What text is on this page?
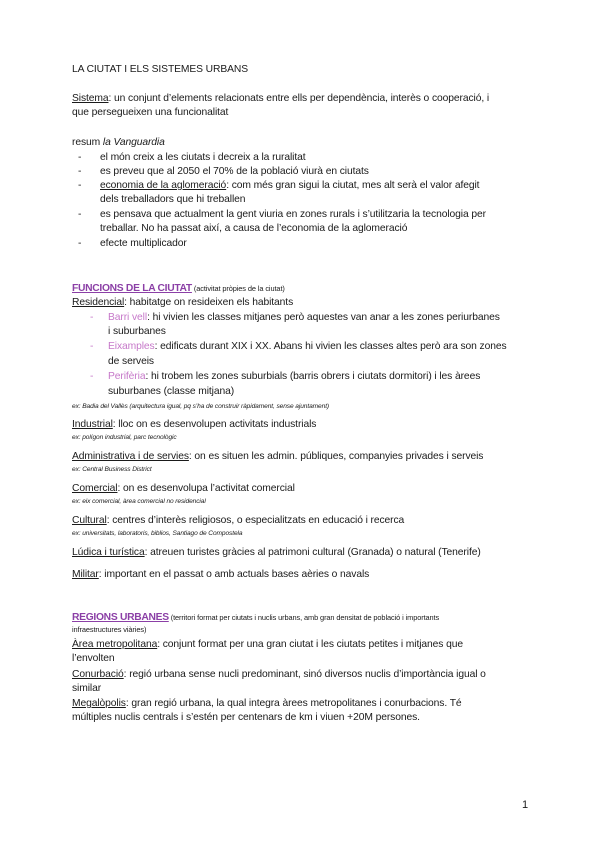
LA CIUTAT I ELS SISTEMES URBANS
Sistema: un conjunt d’elements relacionats entre ells per dependència, interès o cooperació, i
que persegueixen una funcionalitat
resum la Vanguardia
- el món creix a les ciutats i decreix a la ruralitat
- es preveu que al 2050 el 70% de la població viurà en ciutats
- economia de la aglomeració: com més gran sigui la ciutat, mes alt serà el valor afegit
dels treballadors que hi treballen
- es pensava que actualment la gent viuria en zones rurals i s’utilitzaria la tecnologia per
treballar. No ha passat així, a causa de l’economia de la aglomeració
- efecte multiplicador
FUNCIONS DE LA CIUTAT (activitat pròpies de la ciutat)
Residencial: habitatge on resideixen els habitants
- Barri vell: hi vivien les classes mitjanes però aquestes van anar a les zones periurbanes
i suburbanes
- Eixamples: edificats durant XIX i XX. Abans hi vivien les classes altes però ara son zones
de serveis
- Perifèria: hi trobem les zones suburbials (barris obrers i ciutats dormitori) i les àrees
suburbanes (classe mitjana)
ex: Badia del Vallès (arquitectura igual, pq s’ha de construir ràpidament, sense ajuntament)
Industrial: lloc on es desenvolupen activitats industrials
ex: polígon industrial, parc tecnològic
Administrativa i de servies: on es situen les admin. públiques, companyies privades i serveis
ex: Central Business District
Comercial: on es desenvolupa l’activitat comercial
ex: eix comercial, àrea comercial no residencial
Cultural: centres d’interès religiosos, o especialitzats en educació i recerca
ex: universitats, laboratoris, biblios, Santiago de Compostela
Lúdica i turística: atreuen turistes gràcies al patrimoni cultural (Granada) o natural (Tenerife)
Militar: important en el passat o amb actuals bases aèries o navals
REGIONS URBANES (territori format per ciutats i nuclis urbans, amb gran densitat de població i importants
infraestructures viàries)
Àrea metropolitana: conjunt format per una gran ciutat i les ciutats petites i mitjanes que
l’envolten
Conurbació: regió urbana sense nucli predominant, sinó diversos nuclis d’importància igual o
similar
Megalòpolis: gran regió urbana, la qual integra àrees metropolitanes i conurbacions. Té
múltiples nuclis centrals i s’estén per centenars de km i viuen +20M persones.
1
